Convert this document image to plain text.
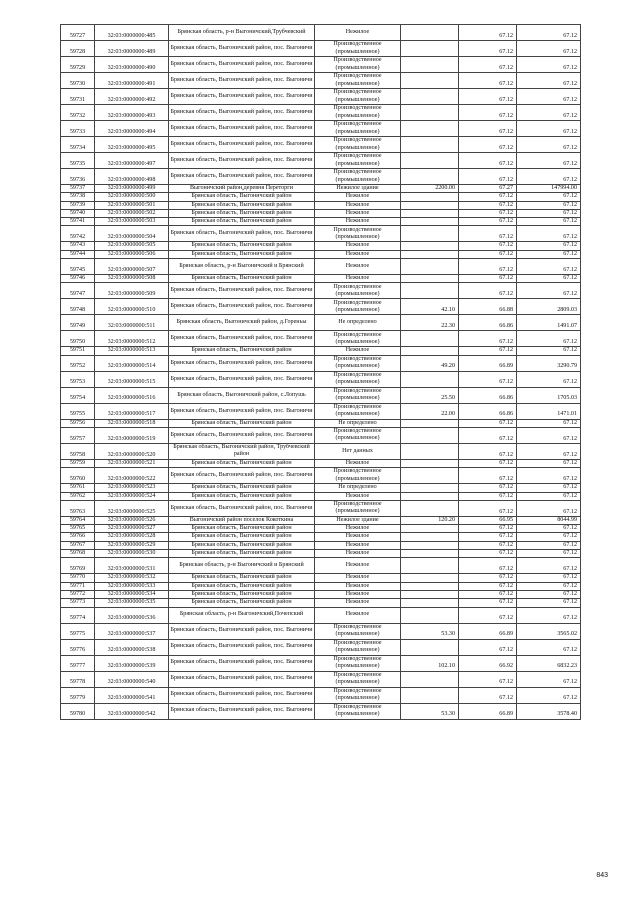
59727	32:03:0000000:485	Брянская область, р-н Выгоничский,Трубчевский	Нежилое		67.12	67.12
59728	32:03:0000000:489	Брянская область, Выгоничский район, пос. Выгоничи	Производственное (промышленное)		67.12	67.12
59729	32:03:0000000:490	Брянская область, Выгоничский район, пос. Выгоничи	Производственное (промышленное)		67.12	67.12
59730	32:03:0000000:491	Брянская область, Выгоничский район, пос. Выгоничи	Производственное (промышленное)		67.12	67.12
59731	32:03:0000000:492	Брянская область, Выгоничский район, пос. Выгоничи	Производственное (промышленное)		67.12	67.12
59732	32:03:0000000:493	Брянская область, Выгоничский район, пос. Выгоничи	Производственное (промышленное)		67.12	67.12
59733	32:03:0000000:494	Брянская область, Выгоничский район, пос. Выгоничи	Производственное (промышленное)		67.12	67.12
59734	32:03:0000000:495	Брянская область, Выгоничский район, пос. Выгоничи	Производственное (промышленное)		67.12	67.12
59735	32:03:0000000:497	Брянская область, Выгоничский район, пос. Выгоничи	Производственное (промышленное)		67.12	67.12
59736	32:03:0000000:498	Брянская область, Выгоничский район, пос. Выгоничи	Производственное (промышленное)		67.12	67.12
59737	32:03:0000000:499	Выгоничский район,деревня Переторги	Нежилое здание	2200.00	67.27	147994.00
59738	32:03:0000000:500	Брянская область, Выгоничский район	Нежилое		67.12	67.12
59739	32:03:0000000:501	Брянская область, Выгоничский район	Нежилое		67.12	67.12
59740	32:03:0000000:502	Брянская область, Выгоничский район	Нежилое		67.12	67.12
59741	32:03:0000000:503	Брянская область, Выгоничский район	Нежилое		67.12	67.12
59742	32:03:0000000:504	Брянская область, Выгоничский район, пос. Выгоничи	Производственное (промышленное)		67.12	67.12
59743	32:03:0000000:505	Брянская область, Выгоничский район	Нежилое		67.12	67.12
59744	32:03:0000000:506	Брянская область, Выгоничский район	Нежилое		67.12	67.12
59745	32:03:0000000:507	Брянская область, р-н Выгоничский и Брянский	Нежилое		67.12	67.12
59746	32:03:0000000:508	Брянская область, Выгоничский район	Нежилое		67.12	67.12
59747	32:03:0000000:509	Брянская область, Выгоничский район, пос. Выгоничи	Производственное (промышленное)		67.12	67.12
59748	32:03:0000000:510	Брянская область, Выгоничский район, пос. Выгоничи	Производственное (промышленное)	42.10	66.88	2809.03
59749	32:03:0000000:511	Брянская область, Выгоничский район, д.Гореньы	Не определено	22.30	66.86	1491.07
59750	32:03:0000000:512	Брянская область, Выгоничский район, пос. Выгоничи	Производственное (промышленное)		67.12	67.12
59751	32:03:0000000:513	Брянская область, Выгоничский район	Нежилое		67.12	67.12
59752	32:03:0000000:514	Брянская область, Выгоничский район, пос. Выгоничи	Производственное (промышленное)	49.20	66.89	3290.79
59753	32:03:0000000:515	Брянская область, Выгоничский район, пос. Выгоничи	Производственное (промышленное)		67.12	67.12
59754	32:03:0000000:516	Брянская область, Выгоничский район, с.Лопушь	Производственное (промышленное)	25.50	66.86	1705.03
59755	32:03:0000000:517	Брянская область, Выгоничский район, пос. Выгоничи	Производственное (промышленное)	22.00	66.86	1471.01
59756	32:03:0000000:518	Брянская область, Выгоничский район	Не определено		67.12	67.12
59757	32:03:0000000:519	Брянская область, Выгоничский район, пос. Выгоничи	Производственное (промышленное)		67.12	67.12
59758	32:03:0000000:520	Брянская область, Выгоничский район, Трубчевский район	Нет данных		67.12	67.12
59759	32:03:0000000:521	Брянская область, Выгоничский район	Нежилое		67.12	67.12
59760	32:03:0000000:522	Брянская область, Выгоничский район, пос. Выгоничи	Производственное (промышленное)		67.12	67.12
59761	32:03:0000000:523	Брянская область, Выгоничский район	Не определено		67.12	67.12
59762	32:03:0000000:524	Брянская область, Выгоничский район	Нежилое		67.12	67.12
59763	32:03:0000000:525	Брянская область, Выгоничский район, пос. Выгоничи	Производственное (промышленное)		67.12	67.12
59764	32:03:0000000:526	Выгоничский район поселок Кокоткина	Нежилое здание	120.20	66.95	8044.99
59765	32:03:0000000:527	Брянская область, Выгоничский район	Нежилое		67.12	67.12
59766	32:03:0000000:528	Брянская область, Выгоничский район	Нежилое		67.12	67.12
59767	32:03:0000000:529	Брянская область, Выгоничский район	Нежилое		67.12	67.12
59768	32:03:0000000:530	Брянская область, Выгоничский район	Нежилое		67.12	67.12
59769	32:03:0000000:531	Брянская область, р-н Выгоничский и Брянский	Нежилое		67.12	67.12
59770	32:03:0000000:532	Брянская область, Выгоничский район	Нежилое		67.12	67.12
59771	32:03:0000000:533	Брянская область, Выгоничский район	Нежилое		67.12	67.12
59772	32:03:0000000:534	Брянская область, Выгоничский район	Нежилое		67.12	67.12
59773	32:03:0000000:535	Брянская область, Выгоничский район	Нежилое		67.12	67.12
59774	32:03:0000000:536	Брянская область, р-н Выгоничский,Почепский	Нежилое		67.12	67.12
59775	32:03:0000000:537	Брянская область, Выгоничский район, пос. Выгоничи	Производственное (промышленное)	53.30	66.89	3565.02
59776	32:03:0000000:538	Брянская область, Выгоничский район, пос. Выгоничи	Производственное (промышленное)		67.12	67.12
59777	32:03:0000000:539	Брянская область, Выгоничский район, пос. Выгоничи	Производственное (промышленное)	102.10	66.92	6832.23
59778	32:03:0000000:540	Брянская область, Выгоничский район, пос. Выгоничи	Производственное (промышленное)		67.12	67.12
59779	32:03:0000000:541	Брянская область, Выгоничский район, пос. Выгоничи	Производственное (промышленное)		67.12	67.12
59780	32:03:0000000:542	Брянская область, Выгоничский район, пос. Выгоничи	Производственное (промышленное)	53.30	66.89	3578.40
843
